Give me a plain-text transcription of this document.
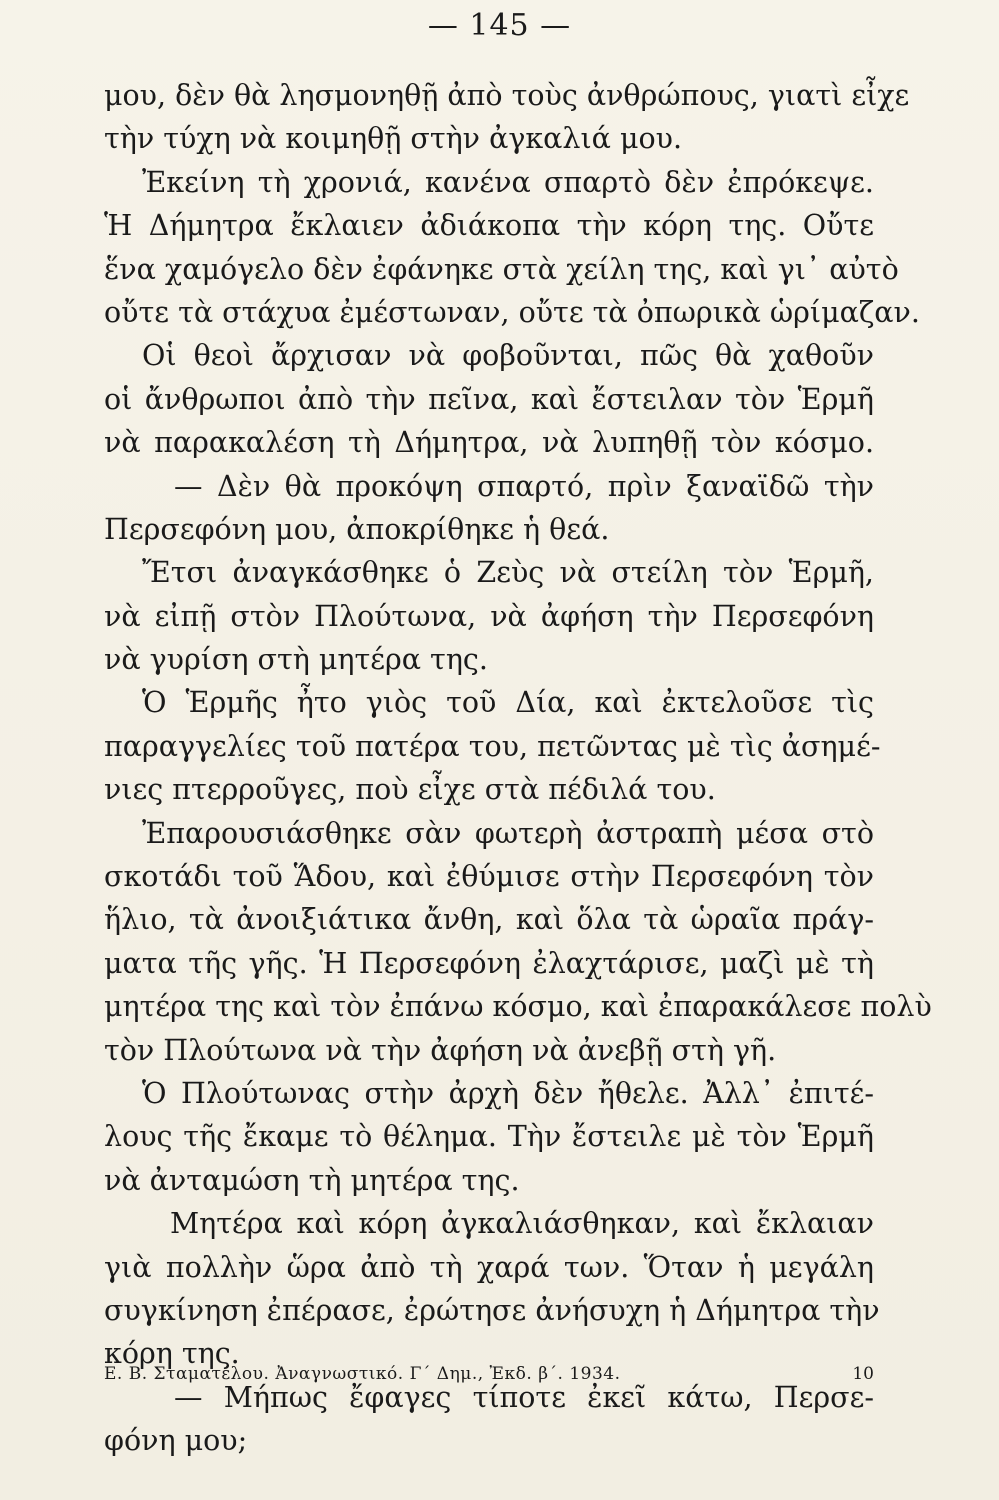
— 145 —
μου, δὲν θὰ λησμονηθῇ ἀπὸ τοὺς ἀνθρώπους, γιατὶ εἶχε
τὴν τύχη νὰ κοιμηθῇ στὴν ἀγκαλιά μου.
Ἐκείνη τὴ χρονιά, κανένα σπαρτὸ δὲν ἐπρόκεψε.
Ἡ Δήμητρα ἔκλαιεν ἀδιάκοπα τὴν κόρη της. Οὔτε
ἕνα χαμόγελο δὲν ἐφάνηκε στὰ χείλη της, καὶ γι᾽ αὐτὸ
οὔτε τὰ στάχυα ἐμέστωναν, οὔτε τὰ ὀπωρικὰ ὡρίμαζαν.
Οἱ θεοὶ ἄρχισαν νὰ φοβοῦνται, πῶς θὰ χαθοῦν
οἱ ἄνθρωποι ἀπὸ τὴν πεῖνα, καὶ ἔστειλαν τὸν Ἑρμῆ
νὰ παρακαλέση τὴ Δήμητρα, νὰ λυπηθῇ τὸν κόσμο.
— Δὲν θὰ προκόψη σπαρτό, πρὶν ξαναϊδῶ τὴν
Περσεφόνη μου, ἀποκρίθηκε ἡ θεά.
Ἔτσι ἀναγκάσθηκε ὁ Ζεὺς νὰ στείλη τὸν Ἑρμῆ,
νὰ εἰπῇ στὸν Πλούτωνα, νὰ ἀφήση τὴν Περσεφόνη
νὰ γυρίση στὴ μητέρα της.
Ὁ Ἑρμῆς ἦτο γιὸς τοῦ Δία, καὶ ἐκτελοῦσε τὶς
παραγγελίες τοῦ πατέρα του, πετῶντας μὲ τὶς ἀσημέ-
νιες πτερροῦγες, ποὺ εἶχε στὰ πέδιλά του.
Ἐπαρουσιάσθηκε σὰν φωτερὴ ἀστραπὴ μέσα στὸ
σκοτάδι τοῦ Ἅδου, καὶ ἐθύμισε στὴν Περσεφόνη τὸν
ἥλιο, τὰ ἀνοιξιάτικα ἄνθη, καὶ ὅλα τὰ ὡραῖα πράγ-
ματα τῆς γῆς. Ἡ Περσεφόνη ἐλαχτάρισε, μαζὶ μὲ τὴ
μητέρα της καὶ τὸν ἐπάνω κόσμο, καὶ ἐπαρακάλεσε πολὺ
τὸν Πλούτωνα νὰ τὴν ἀφήση νὰ ἀνεβῇ στὴ γῆ.
Ὁ Πλούτωνας στὴν ἀρχὴ δὲν ἤθελε. Ἀλλ᾽ ἐπιτέ-
λους τῆς ἔκαμε τὸ θέλημα. Τὴν ἔστειλε μὲ τὸν Ἑρμῆ
νὰ ἀνταμώση τὴ μητέρα της.
Μητέρα καὶ κόρη ἀγκαλιάσθηκαν, καὶ ἔκλαιαν
γιὰ πολλὴν ὥρα ἀπὸ τὴ χαρά των. Ὅταν ἡ μεγάλη
συγκίνηση ἐπέρασε, ἐρώτησε ἀνήσυχη ἡ Δήμητρα τὴν
κόρη της.
— Μήπως ἔφαγες τίποτε ἐκεῖ κάτω, Περσε-
φόνη μου;
Ε. Β. Σταματέλου. Ἀναγνωστικό. Γ΄ Δημ., Ἐκδ. β΄. 1934.	10
